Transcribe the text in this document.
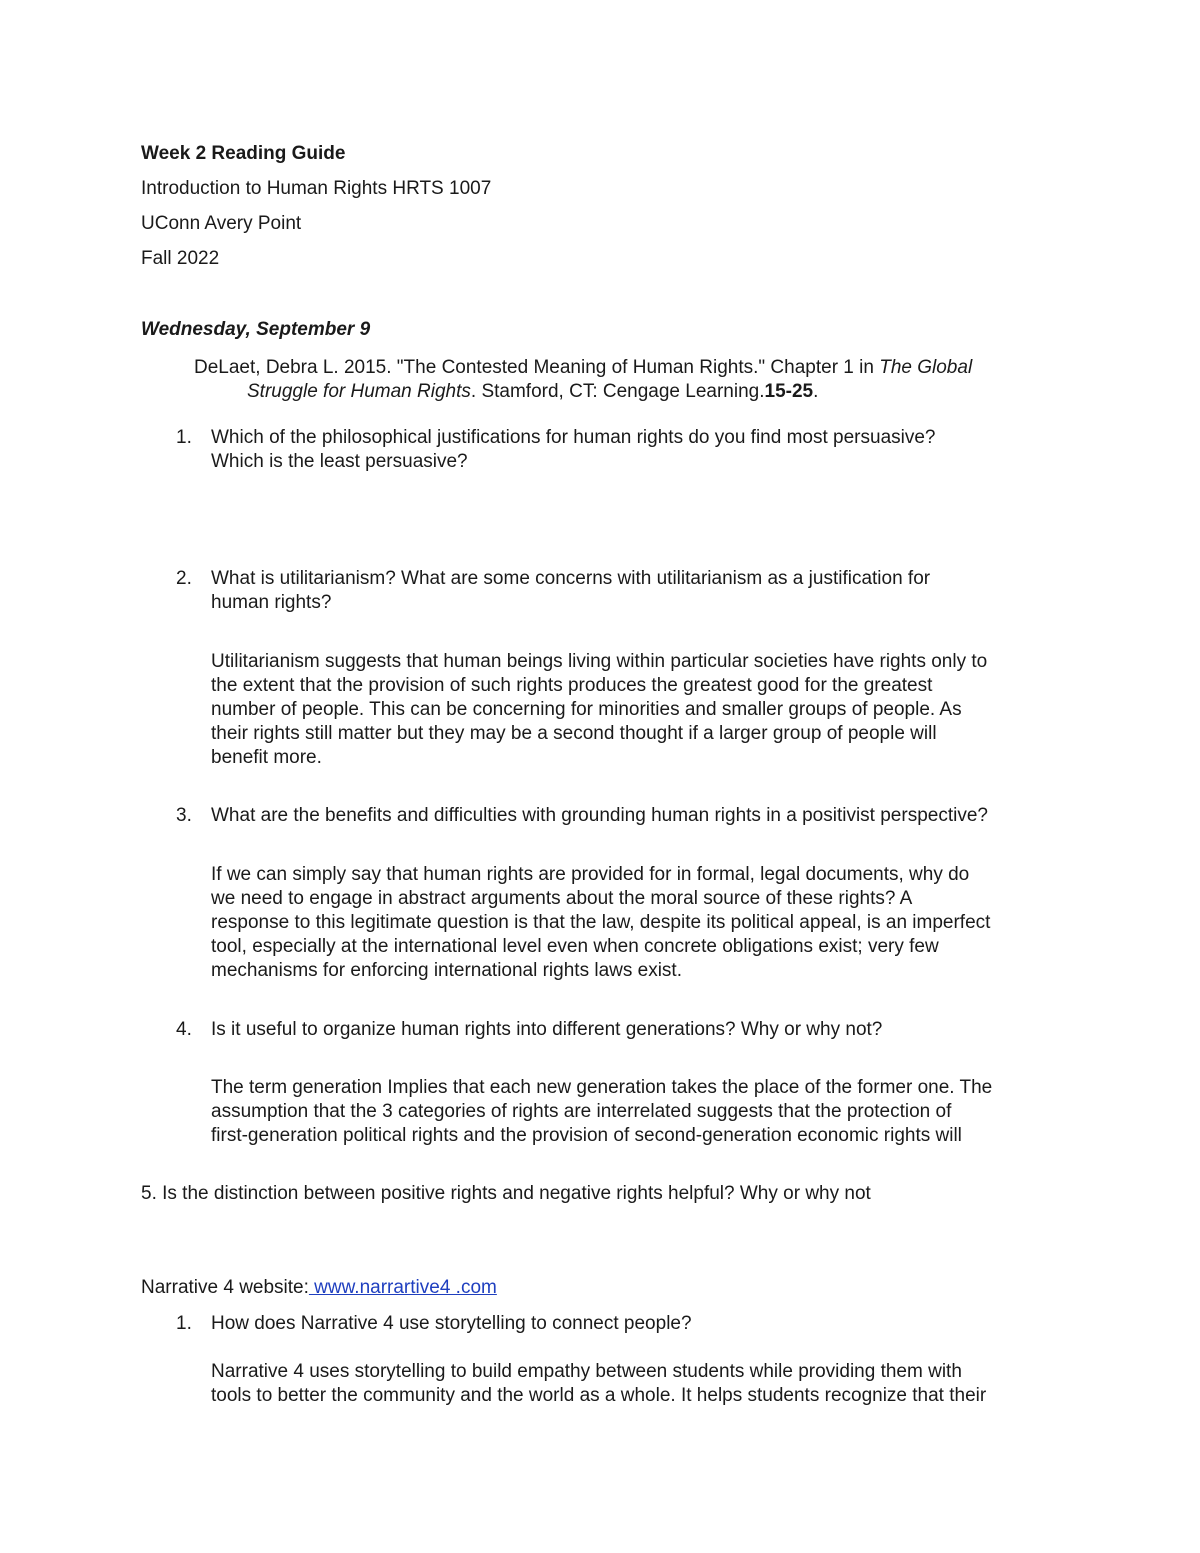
Week 2 Reading Guide
Introduction to Human Rights HRTS 1007
UConn Avery Point
Fall 2022
Wednesday, September 9
DeLaet, Debra L. 2015. "The Contested Meaning of Human Rights." Chapter 1 in The Global
Struggle for Human Rights. Stamford, CT: Cengage Learning.15-25.
1. Which of the philosophical justifications for human rights do you find most persuasive?
Which is the least persuasive?
2. What is utilitarianism? What are some concerns with utilitarianism as a justification for
human rights?
Utilitarianism suggests that human beings living within particular societies have rights only to
the extent that the provision of such rights produces the greatest good for the greatest
number of people. This can be concerning for minorities and smaller groups of people. As
their rights still matter but they may be a second thought if a larger group of people will
benefit more.
3. What are the benefits and difficulties with grounding human rights in a positivist perspective?
If we can simply say that human rights are provided for in formal, legal documents, why do
we need to engage in abstract arguments about the moral source of these rights? A
response to this legitimate question is that the law, despite its political appeal, is an imperfect
tool, especially at the international level even when concrete obligations exist; very few
mechanisms for enforcing international rights laws exist.
4. Is it useful to organize human rights into different generations? Why or why not?
The term generation Implies that each new generation takes the place of the former one. The
assumption that the 3 categories of rights are interrelated suggests that the protection of
first-generation political rights and the provision of second-generation economic rights will
5. Is the distinction between positive rights and negative rights helpful? Why or why not
Narrative 4 website: www.narrartive4 .com
1. How does Narrative 4 use storytelling to connect people?
Narrative 4 uses storytelling to build empathy between students while providing them with
tools to better the community and the world as a whole. It helps students recognize that their
